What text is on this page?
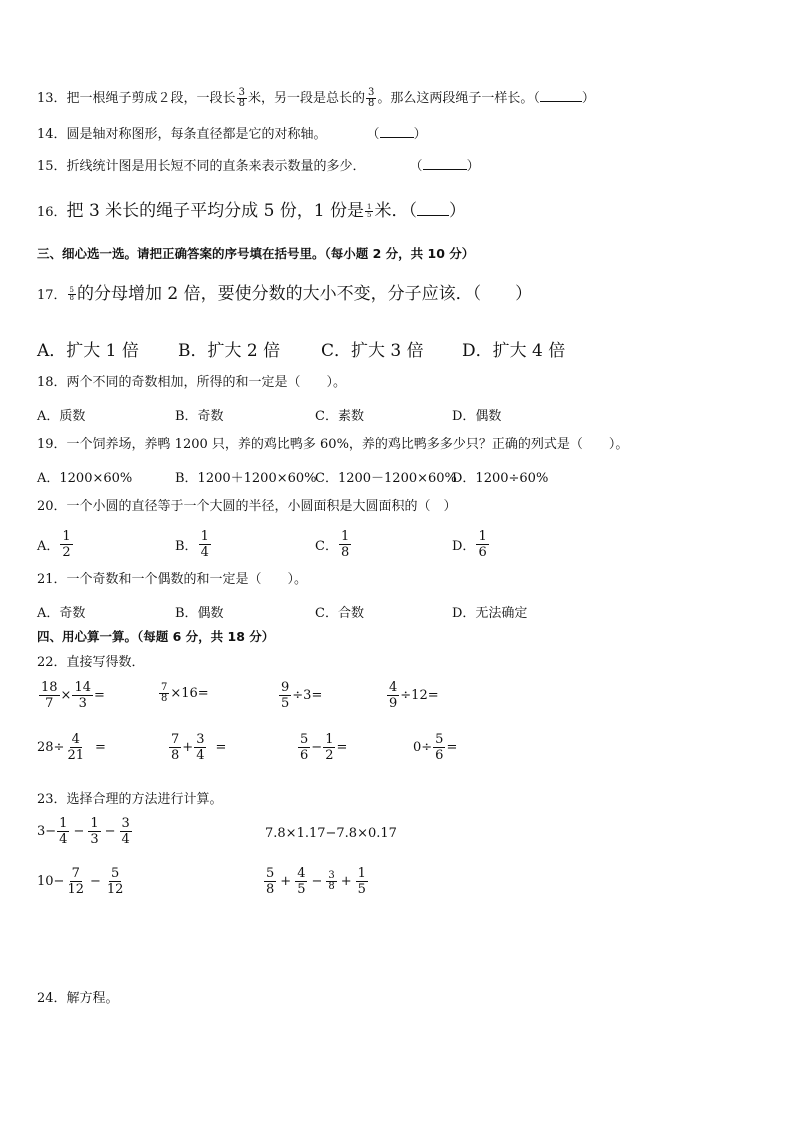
13．把一根绳子剪成２段，一段长 $\frac{3}{8}$ 米，另一段是总长的 $\frac{3}{8}$ 。那么这两段绳子一样长。（	）
14．圆是轴对称图形，每条直径都是它的对称轴。	（	）
15．折线统计图是用长短不同的直条来表示数量的多少．	（	）
16．把 3 米长的绳子平均分成 5 份，1 份是 $\frac{1}{5}$ 米．（ ）
三、细心选一选。请把正确答案的序号填在括号里。（每小题 2 分，共 10 分）
17． $\frac{5}{8}$ 的分母增加 2 倍，要使分数的大小不变，分子应该．（　　）
A．扩大 1 倍 B．扩大 2 倍 C．扩大 3 倍 D．扩大 4 倍
18．两个不同的奇数相加，所得的和一定是（　　）。
A．质数	B．奇数	C．素数	D．偶数
19．一个饲养场，养鸭 1200 只，养的鸡比鸭多 60%，养的鸡比鸭多多少只？正确的列式是（　　）。
A．1200×60%	B．1200＋1200×60%
C．1200－1200×60%
D．1200÷60%
20．一个小圆的直径等于一个大圆的半径，小圆面积是大圆面积的（　）
A． $\frac{1}{2}$	B． $\frac{1}{4}$	C． $\frac{1}{8}$	D． $\frac{1}{6}$
21．一个奇数和一个偶数的和一定是（　　）。
A．奇数	B．偶数	C．合数	D．无法确定
四、用心算一算。（每题 6 分，共 18 分）
22．直接写得数．
$\frac{18}{7} \times \frac{14}{3}$ =	$\frac{7}{8} \times 16=$	$\frac{9}{5} \div 3=$	$\frac{4}{9} \div 12=$
$28\div \frac{4}{21}$ =	$\frac{7}{8} + \frac{3}{4}$ =	$\frac{5}{6} - \frac{1}{2}$ =	$0\div \frac{5}{6}$ =
23．选择合理的方法进行计算。
$3- \frac{1}{4} - \frac{1}{3} - \frac{3}{4}$	7.8×1.17−7.8×0.17
$10- \frac{7}{12} - \frac{5}{12}$	$\frac{5}{8} + \frac{4}{5} - \frac{3}{8} + \frac{1}{5}$
24．解方程。
